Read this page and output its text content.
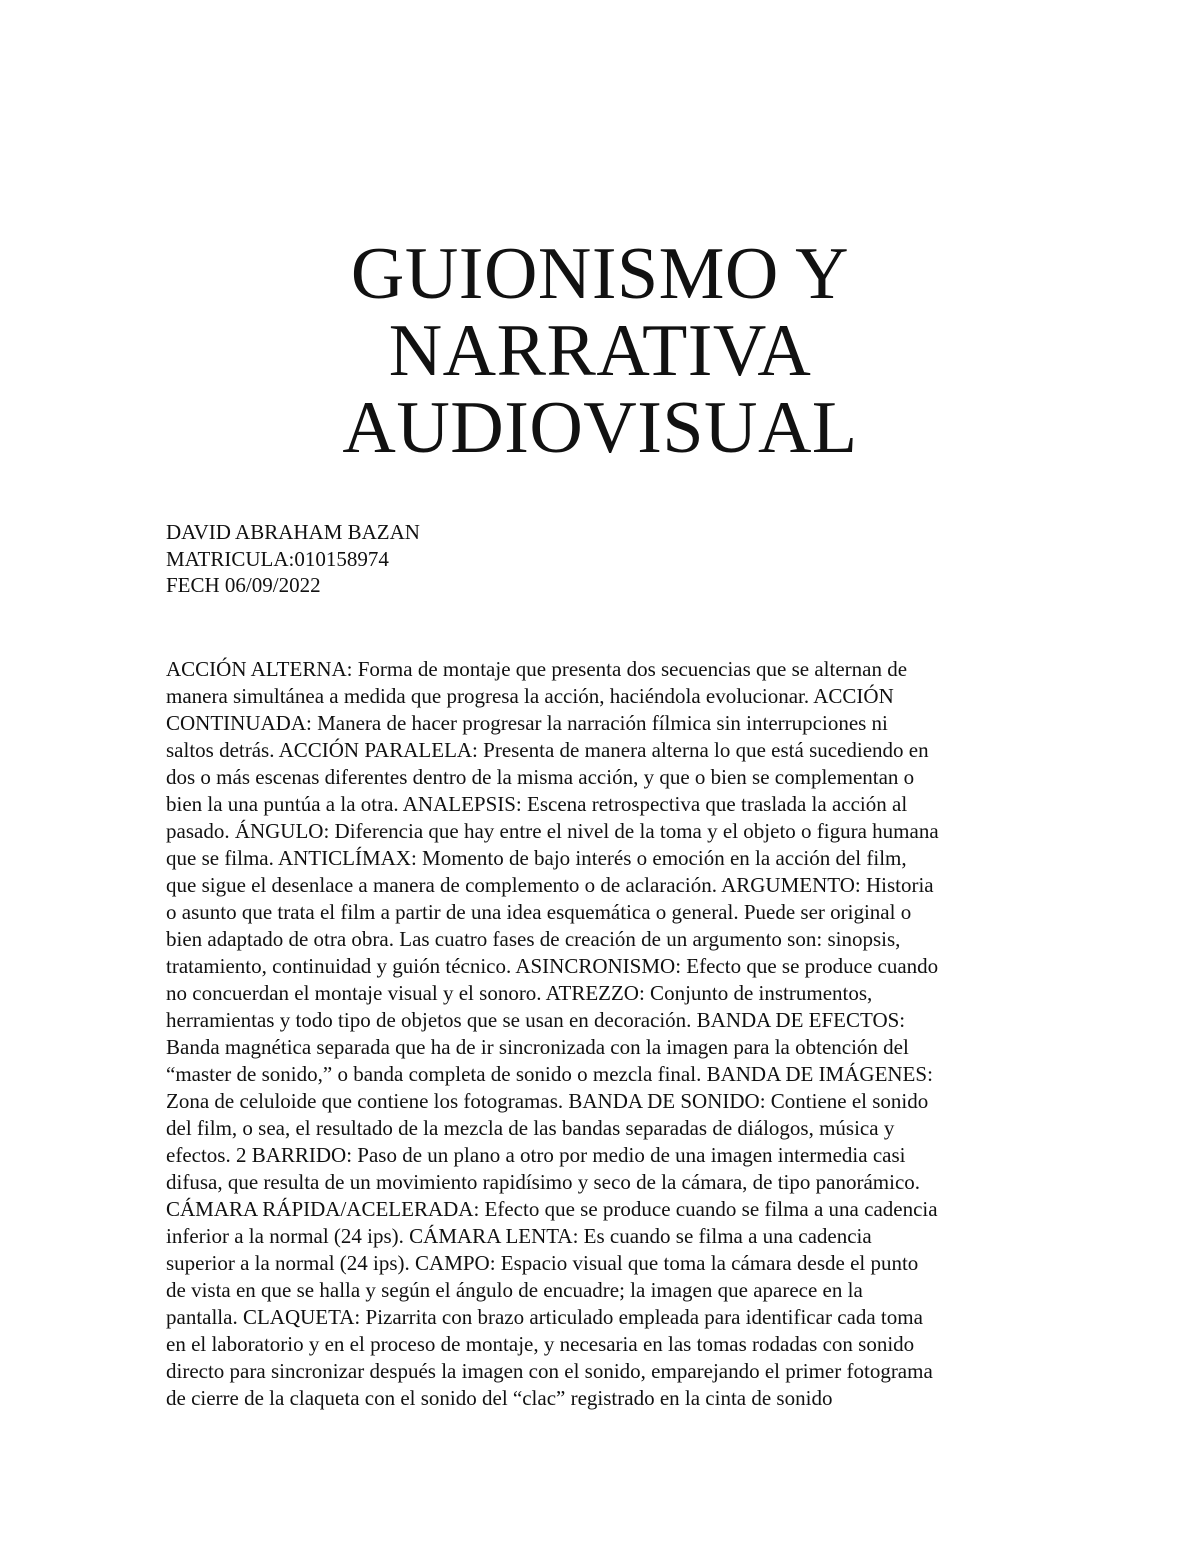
GUIONISMO Y
NARRATIVA
AUDIOVISUAL
DAVID ABRAHAM BAZAN
MATRICULA:010158974
FECH 06/09/2022
ACCIÓN ALTERNA: Forma de montaje que presenta dos secuencias que se alternan de
manera simultánea a medida que progresa la acción, haciéndola evolucionar. ACCIÓN
CONTINUADA: Manera de hacer progresar la narración fílmica sin interrupciones ni
saltos detrás. ACCIÓN PARALELA: Presenta de manera alterna lo que está sucediendo en
dos o más escenas diferentes dentro de la misma acción, y que o bien se complementan o
bien la una puntúa a la otra. ANALEPSIS: Escena retrospectiva que traslada la acción al
pasado. ÁNGULO: Diferencia que hay entre el nivel de la toma y el objeto o figura humana
que se filma. ANTICLÍMAX: Momento de bajo interés o emoción en la acción del film,
que sigue el desenlace a manera de complemento o de aclaración. ARGUMENTO: Historia
o asunto que trata el film a partir de una idea esquemática o general. Puede ser original o
bien adaptado de otra obra. Las cuatro fases de creación de un argumento son: sinopsis,
tratamiento, continuidad y guión técnico. ASINCRONISMO: Efecto que se produce cuando
no concuerdan el montaje visual y el sonoro. ATREZZO: Conjunto de instrumentos,
herramientas y todo tipo de objetos que se usan en decoración. BANDA DE EFECTOS:
Banda magnética separada que ha de ir sincronizada con la imagen para la obtención del
“master de sonido,” o banda completa de sonido o mezcla final. BANDA DE IMÁGENES:
Zona de celuloide que contiene los fotogramas. BANDA DE SONIDO: Contiene el sonido
del film, o sea, el resultado de la mezcla de las bandas separadas de diálogos, música y
efectos. 2 BARRIDO: Paso de un plano a otro por medio de una imagen intermedia casi
difusa, que resulta de un movimiento rapidísimo y seco de la cámara, de tipo panorámico.
CÁMARA RÁPIDA/ACELERADA: Efecto que se produce cuando se filma a una cadencia
inferior a la normal (24 ips). CÁMARA LENTA: Es cuando se filma a una cadencia
superior a la normal (24 ips). CAMPO: Espacio visual que toma la cámara desde el punto
de vista en que se halla y según el ángulo de encuadre; la imagen que aparece en la
pantalla. CLAQUETA: Pizarrita con brazo articulado empleada para identificar cada toma
en el laboratorio y en el proceso de montaje, y necesaria en las tomas rodadas con sonido
directo para sincronizar después la imagen con el sonido, emparejando el primer fotograma
de cierre de la claqueta con el sonido del “clac” registrado en la cinta de sonido
